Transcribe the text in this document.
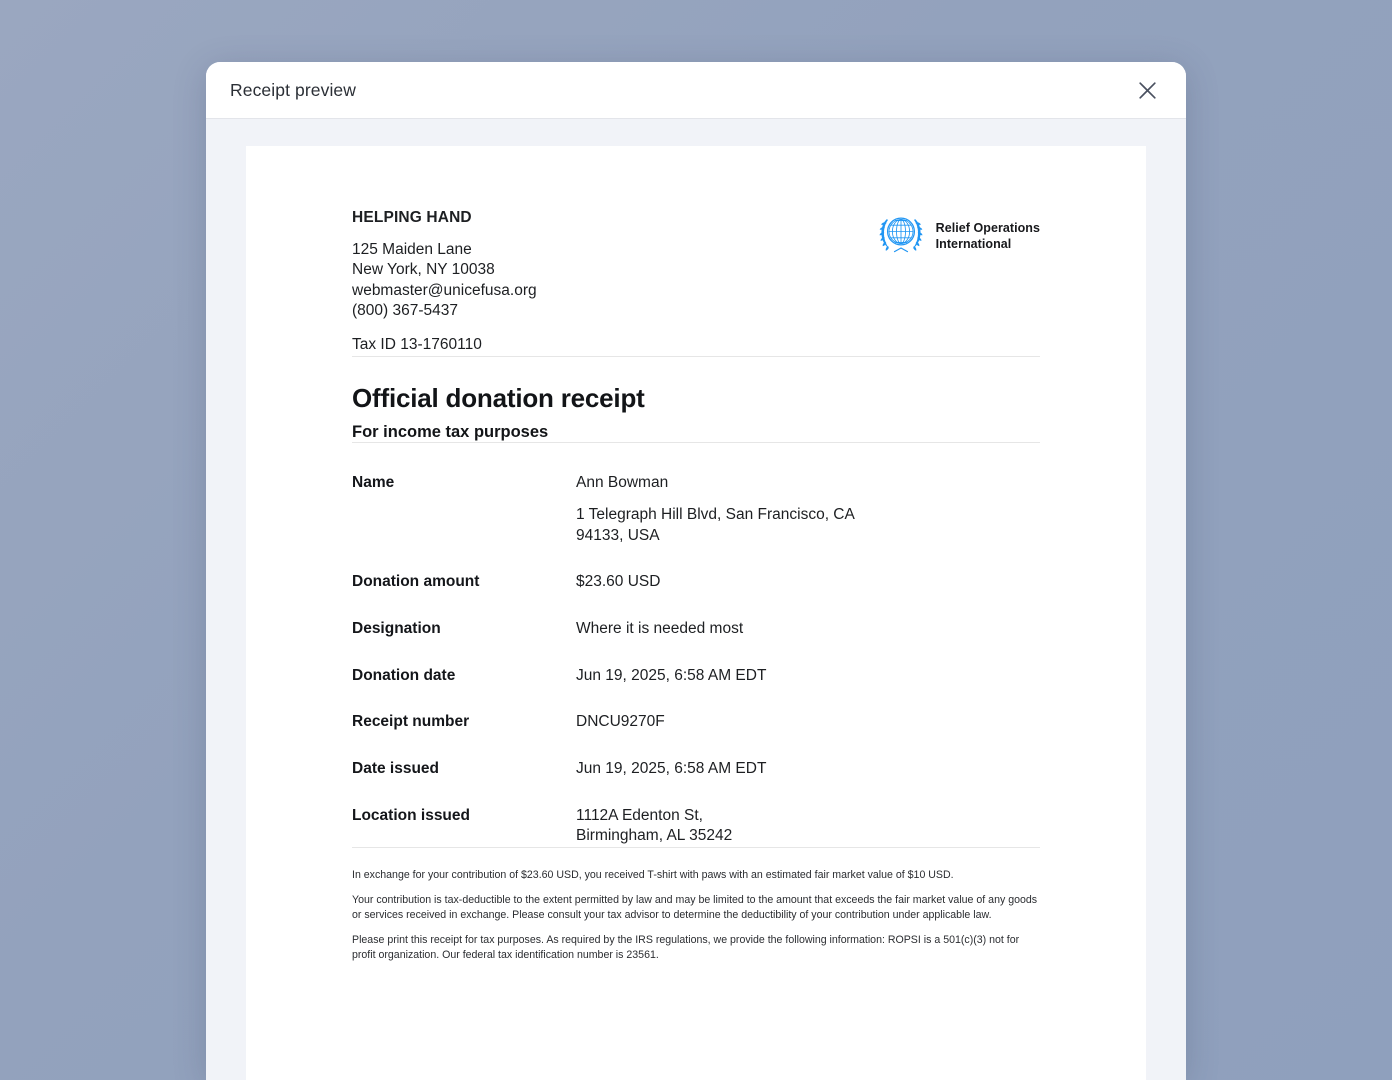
Receipt preview
HELPING HAND
125 Maiden Lane
New York, NY 10038
webmaster@unicefusa.org
(800) 367-5437
Tax ID 13-1760110
Relief Operations
International
Official donation receipt
For income tax purposes
Name	Ann Bowman
1 Telegraph Hill Blvd, San Francisco, CA
94133, USA
Donation amount	$23.60 USD
Designation	Where it is needed most
Donation date	Jun 19, 2025, 6:58 AM EDT
Receipt number	DNCU9270F
Date issued	Jun 19, 2025, 6:58 AM EDT
Location issued	1112A Edenton St,
Birmingham, AL 35242

In exchange for your contribution of $23.60 USD, you received T-shirt with paws with an estimated fair market value of $10 USD.

Your contribution is tax-deductible to the extent permitted by law and may be limited to the amount that exceeds the fair market value of any goods or services received in exchange. Please consult your tax advisor to determine the deductibility of your contribution under applicable law.

Please print this receipt for tax purposes. As required by the IRS regulations, we provide the following information: ROPSI is a 501(c)(3) not for profit organization. Our federal tax identification number is 23561.
